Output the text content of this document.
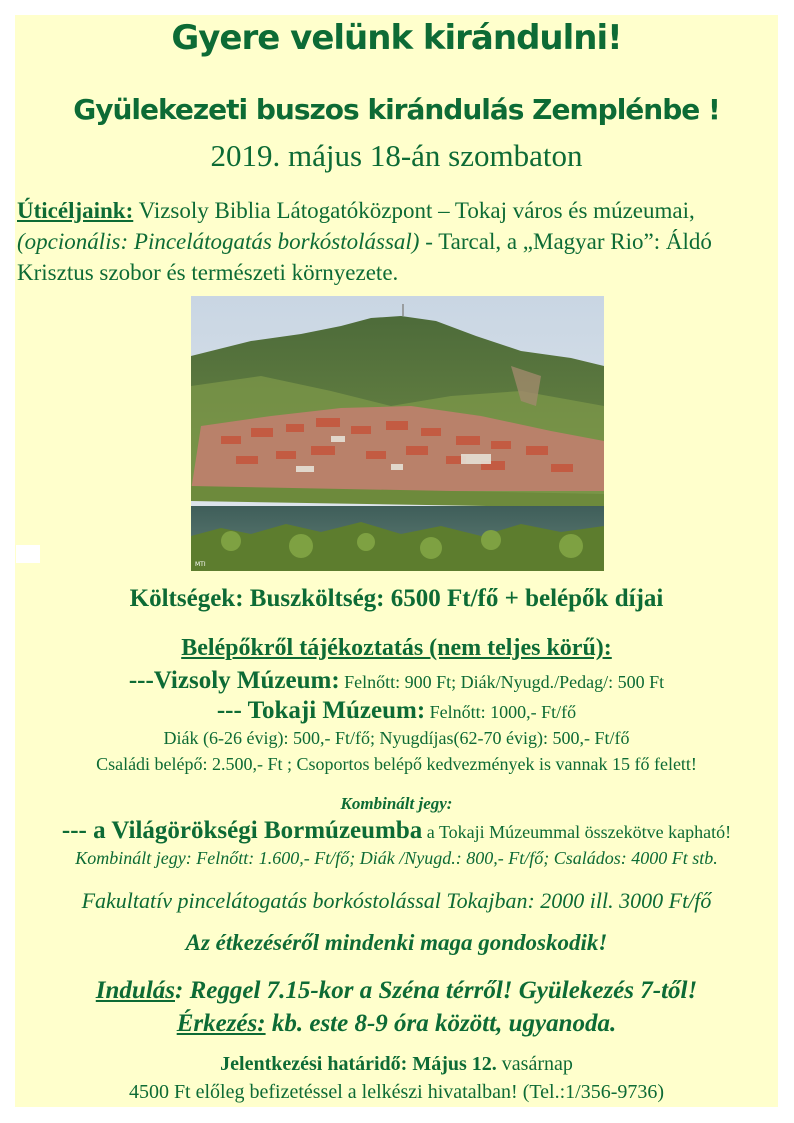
Gyere velünk kirándulni!
Gyülekezeti buszos kirándulás Zemplénbe !
2019. május 18-án szombaton
Úticéljaink: Vizsoly Biblia Látogatóközpont – Tokaj város és múzeumai, (opcionális: Pincelátogatás borkóstolással) - Tarcal, a „Magyar Rio”: Áldó Krisztus szobor és természeti környezete.
MTI
Költségek: Buszköltség: 6500 Ft/fő + belépők díjai
Belépőkről tájékoztatás (nem teljes körű):
---Vizsoly Múzeum: Felnőtt: 900 Ft; Diák/Nyugd./Pedag/: 500 Ft
--- Tokaji Múzeum: Felnőtt: 1000,- Ft/fő
Diák (6-26 évig): 500,- Ft/fő; Nyugdíjas(62-70 évig): 500,- Ft/fő
Családi belépő: 2.500,- Ft ; Csoportos belépő kedvezmények is vannak 15 fő felett!
Kombinált jegy:
--- a Világörökségi Bormúzeumba a Tokaji Múzeummal összekötve kapható!
Kombinált jegy: Felnőtt: 1.600,- Ft/fő; Diák /Nyugd.: 800,- Ft/fő; Családos: 4000 Ft stb.
Fakultatív pincelátogatás borkóstolással Tokajban: 2000 ill. 3000 Ft/fő
Az étkezéséről mindenki maga gondoskodik!
Indulás: Reggel 7.15-kor a Széna térről! Gyülekezés 7-től!
Érkezés: kb. este 8-9 óra között, ugyanoda.
Jelentkezési határidő: Május 12. vasárnap
4500 Ft előleg befizetéssel a lelkészi hivatalban! (Tel.:1/356-9736)
